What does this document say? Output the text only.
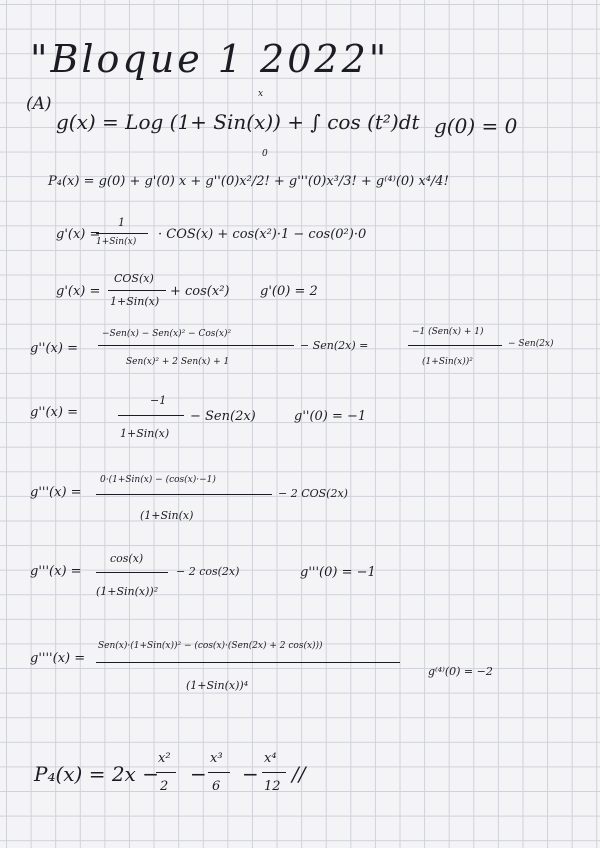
"Bloque 1 2022"
(A)
g(x) = Log (1+ Sin(x)) + ∫ cos (t²)dt
x
0
g(0) = 0
P₄(x) = g(0) + g'(0) x + g''(0)x²/2! + g'''(0)x³/3! + g⁽⁴⁾(0) x⁴/4!
g'(x) =
1
1+Sin(x) · COS(x) + cos(x²)·1 − cos(0²)·0
g'(x) =
COS(x)
1+Sin(x)
+ cos(x²) g'(0) = 2
g''(x) =
−Sen(x) − Sen(x)² − Cos(x)²
Sen(x)² + 2 Sen(x) + 1
− Sen(2x) =
−1 (Sen(x) + 1)
(1+Sin(x))²
− Sen(2x)
g''(x) =
−1
1+Sin(x)
− Sen(2x)	g''(0) = −1
g'''(x) =
0·(1+Sin(x) − (cos(x)·−1)
(1+Sin(x)
− 2 COS(2x)
g'''(x) =
cos(x)
(1+Sin(x))²
− 2 cos(2x)	g'''(0) = −1
g''''(x) =
Sen(x)·(1+Sin(x))² − (cos(x)·(Sen(2x) + 2 cos(x)))
(1+Sin(x))⁴
g⁽⁴⁾(0) = −2
P₄(x) = 2x −
x²
2
−
x³
6
−
x⁴
12
//
